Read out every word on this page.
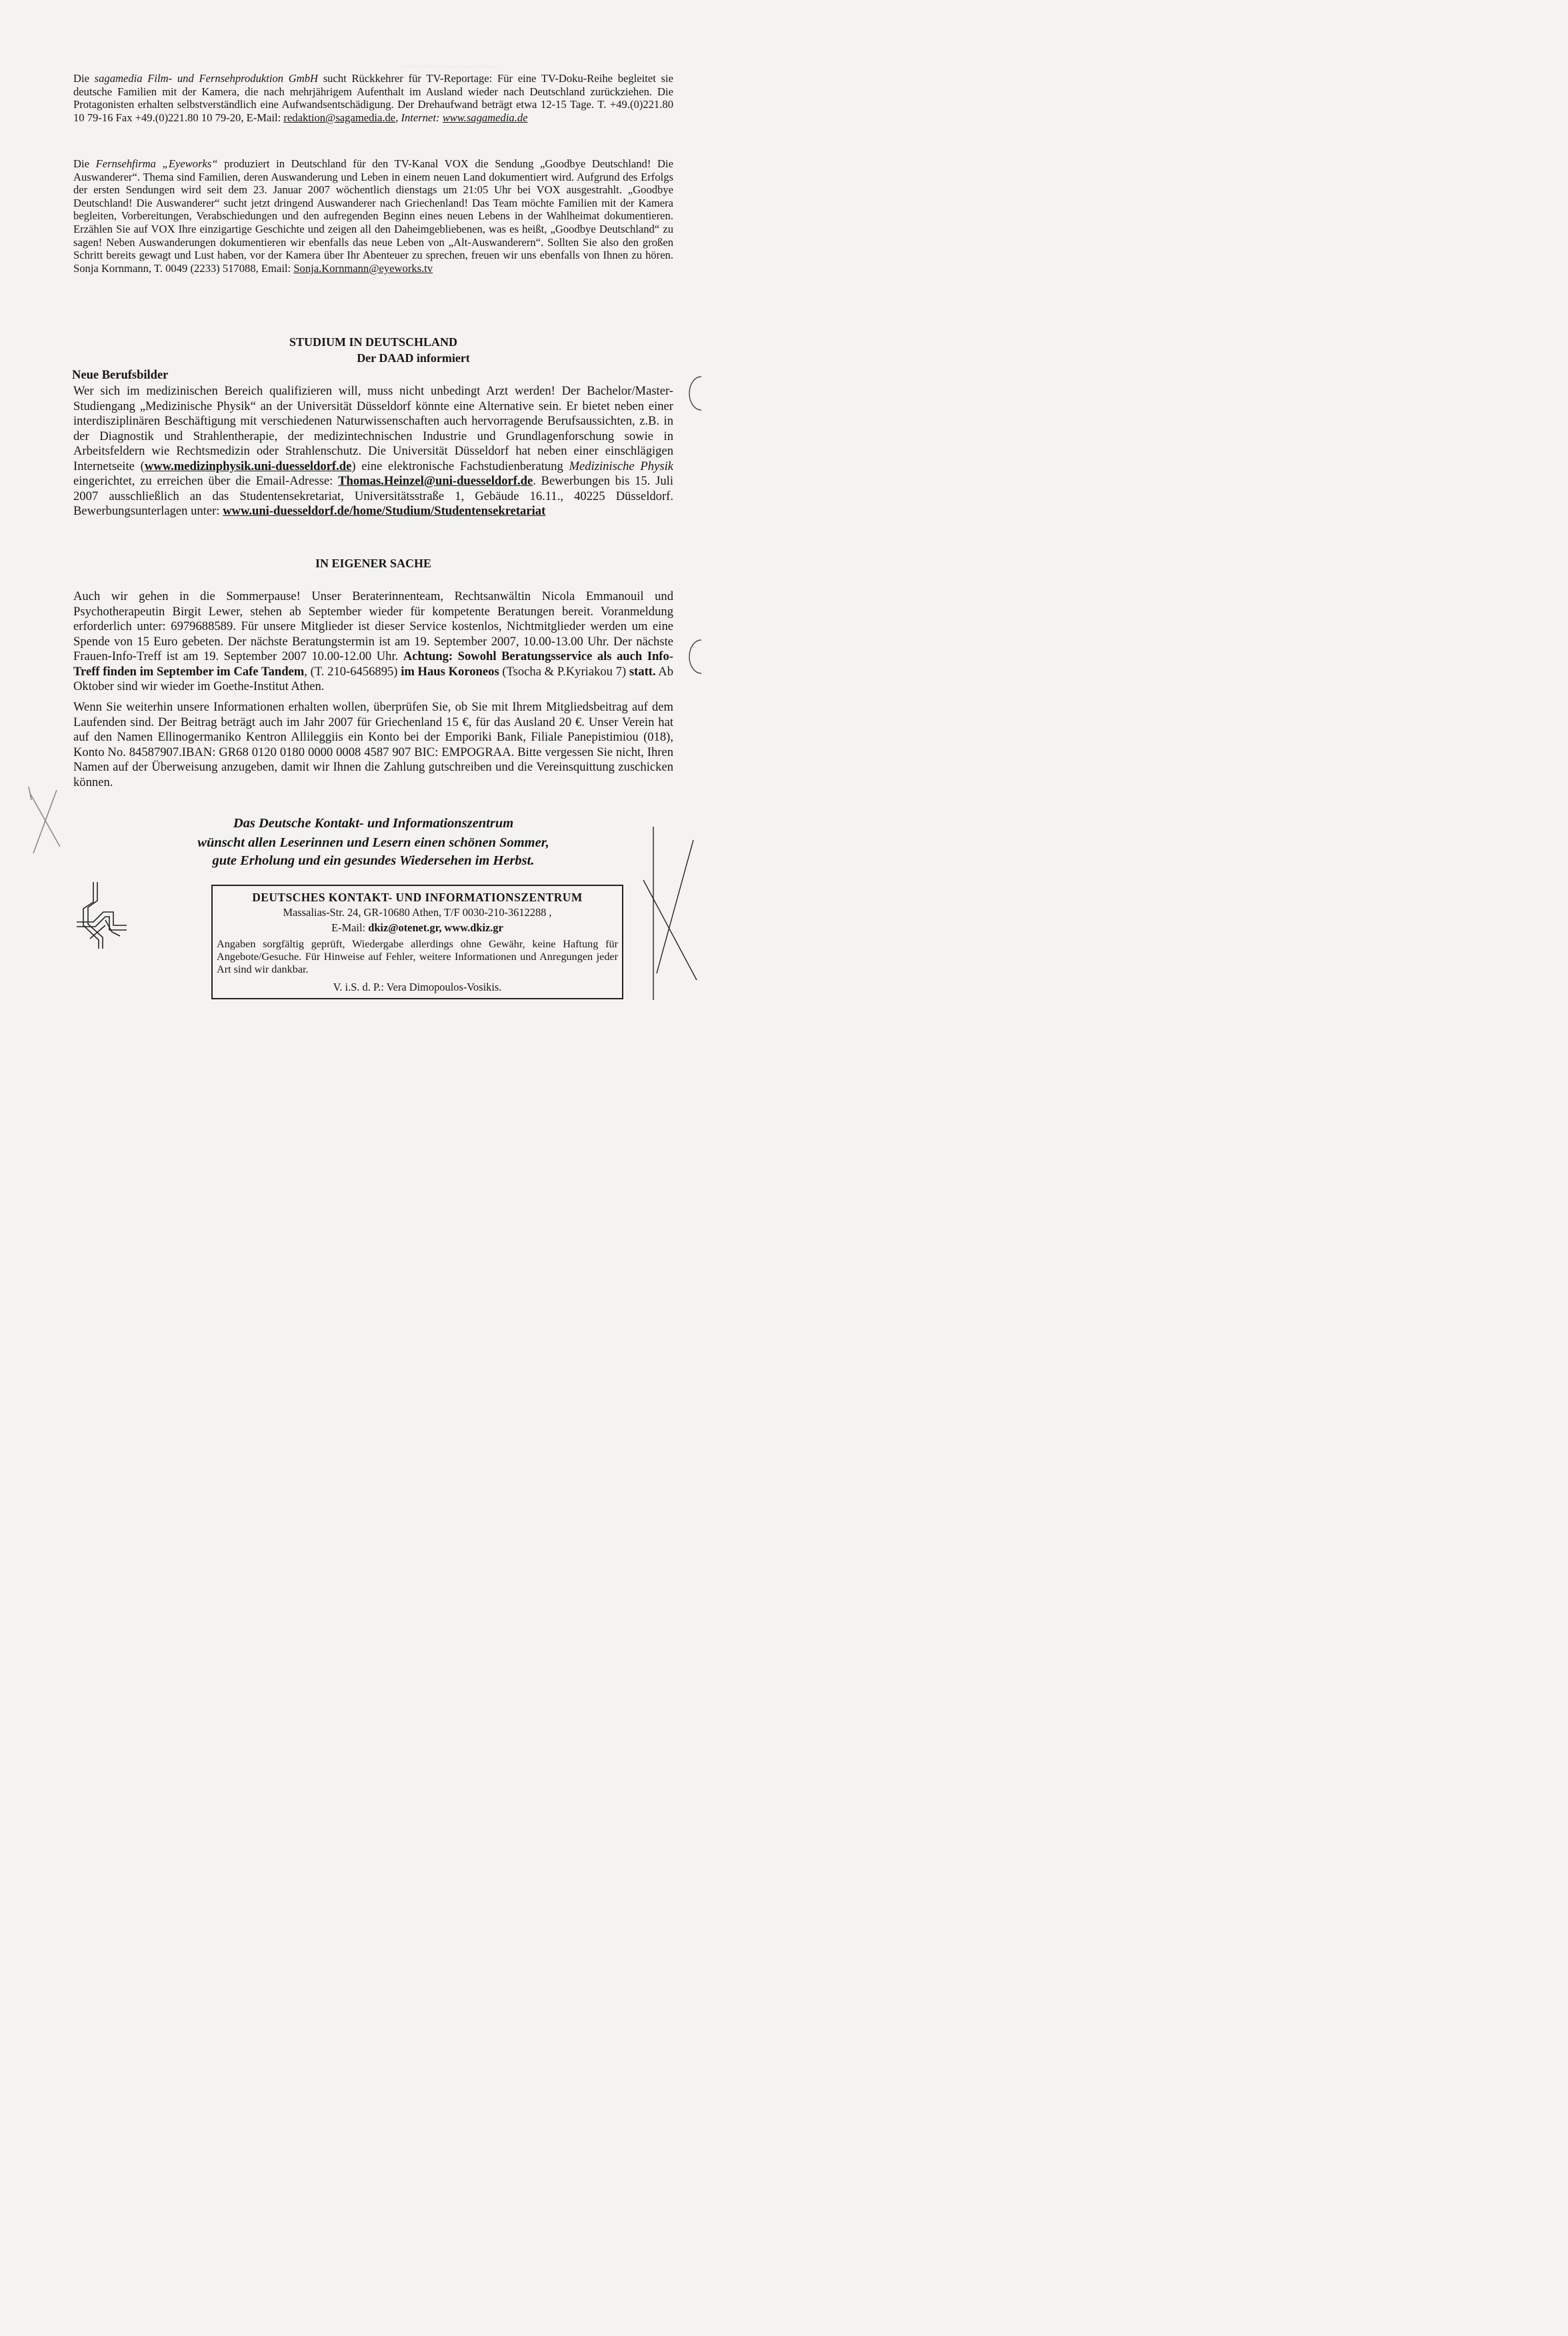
······························

Die sagamedia Film- und Fernsehproduktion GmbH sucht Rückkehrer für TV-Reportage: Für eine TV-Doku-Reihe begleitet sie deutsche Familien mit der Kamera, die nach mehrjährigem Aufenthalt im Ausland wieder nach Deutschland zurückziehen. Die Protagonisten erhalten selbstverständlich eine Aufwandsentschädigung. Der Drehaufwand beträgt etwa 12-15 Tage. T. +49.(0)221.80 10 79-16 Fax +49.(0)221.80 10 79-20, E-Mail: redaktion@sagamedia.de, Internet: www.sagamedia.de

Die Fernsehfirma „Eyeworks“ produziert in Deutschland für den TV-Kanal VOX die Sendung „Goodbye Deutschland! Die Auswanderer“. Thema sind Familien, deren Auswanderung und Leben in einem neuen Land dokumentiert wird. Aufgrund des Erfolgs der ersten Sendungen wird seit dem 23. Januar 2007 wöchentlich dienstags um 21:05 Uhr bei VOX ausgestrahlt. „Goodbye Deutschland! Die Auswanderer“ sucht jetzt dringend Auswanderer nach Griechenland! Das Team möchte Familien mit der Kamera begleiten, Vorbereitungen, Verabschiedungen und den aufregenden Beginn eines neuen Lebens in der Wahlheimat dokumentieren. Erzählen Sie auf VOX Ihre einzigartige Geschichte und zeigen all den Daheimgebliebenen, was es heißt, „Goodbye Deutschland“ zu sagen! Neben Auswanderungen dokumentieren wir ebenfalls das neue Leben von „Alt-Auswanderern“. Sollten Sie also den großen Schritt bereits gewagt und Lust haben, vor der Kamera über Ihr Abenteuer zu sprechen, freuen wir uns ebenfalls von Ihnen zu hören. Sonja Kornmann, T. 0049 (2233) 517088, Email: Sonja.Kornmann@eyeworks.tv

STUDIUM IN DEUTSCHLAND

Der DAAD informiert

Neue Berufsbilder

Wer sich im medizinischen Bereich qualifizieren will, muss nicht unbedingt Arzt werden! Der Bachelor/Master-Studiengang „Medizinische Physik“ an der Universität Düsseldorf könnte eine Alternative sein. Er bietet neben einer interdisziplinären Beschäftigung mit verschiedenen Naturwissenschaften auch hervorragende Berufsaussichten, z.B. in der Diagnostik und Strahlentherapie, der medizintechnischen Industrie und Grundlagenforschung sowie in Arbeitsfeldern wie Rechtsmedizin oder Strahlenschutz. Die Universität Düsseldorf hat neben einer einschlägigen Internetseite (www.medizinphysik.uni-duesseldorf.de) eine elektronische Fachstudienberatung Medizinische Physik eingerichtet, zu erreichen über die Email-Adresse: Thomas.Heinzel@uni-duesseldorf.de. Bewerbungen bis 15. Juli 2007 ausschließlich an das Studentensekretariat, Universitätsstraße 1, Gebäude 16.11., 40225 Düsseldorf. Bewerbungsunterlagen unter: www.uni-duesseldorf.de/home/Studium/Studentensekretariat

IN EIGENER SACHE

Auch wir gehen in die Sommerpause! Unser Beraterinnenteam, Rechtsanwältin Nicola Emmanouil und Psychotherapeutin Birgit Lewer, stehen ab September wieder für kompetente Beratungen bereit. Voranmeldung erforderlich unter: 6979688589. Für unsere Mitglieder ist dieser Service kostenlos, Nichtmitglieder werden um eine Spende von 15 Euro gebeten. Der nächste Beratungstermin ist am 19. September 2007, 10.00-13.00 Uhr. Der nächste Frauen-Info-Treff ist am 19. September 2007 10.00-12.00 Uhr. Achtung: Sowohl Beratungsservice als auch Info-Treff finden im September im Cafe Tandem, (T. 210-6456895) im Haus Koroneos (Tsocha & P.Kyriakou 7) statt. Ab Oktober sind wir wieder im Goethe-Institut Athen.

Wenn Sie weiterhin unsere Informationen erhalten wollen, überprüfen Sie, ob Sie mit Ihrem Mitgliedsbeitrag auf dem Laufenden sind. Der Beitrag beträgt auch im Jahr 2007 für Griechenland 15 €, für das Ausland 20 €. Unser Verein hat auf den Namen Ellinogermaniko Kentron Allileggiis ein Konto bei der Emporiki Bank, Filiale Panepistimiou (018), Konto No. 84587907.IBAN: GR68 0120 0180 0000 0008 4587 907 BIC: EMPOGRAA. Bitte vergessen Sie nicht, Ihren Namen auf der Überweisung anzugeben, damit wir Ihnen die Zahlung gutschreiben und die Vereinsquittung zuschicken können.

Das Deutsche Kontakt- und Informationszentrum

wünscht allen Leserinnen und Lesern einen schönen Sommer,

gute Erholung und ein gesundes Wiedersehen im Herbst.

DEUTSCHES KONTAKT- UND INFORMATIONSZENTRUM

Massalias-Str. 24, GR-10680 Athen, T/F 0030-210-3612288 ,

E-Mail: dkiz@otenet.gr, www.dkiz.gr

Angaben sorgfältig geprüft, Wiedergabe allerdings ohne Gewähr, keine Haftung für Angebote/Gesuche. Für Hinweise auf Fehler, weitere Informationen und Anregungen jeder Art sind wir dankbar.

V. i.S. d. P.: Vera Dimopoulos-Vosikis.
